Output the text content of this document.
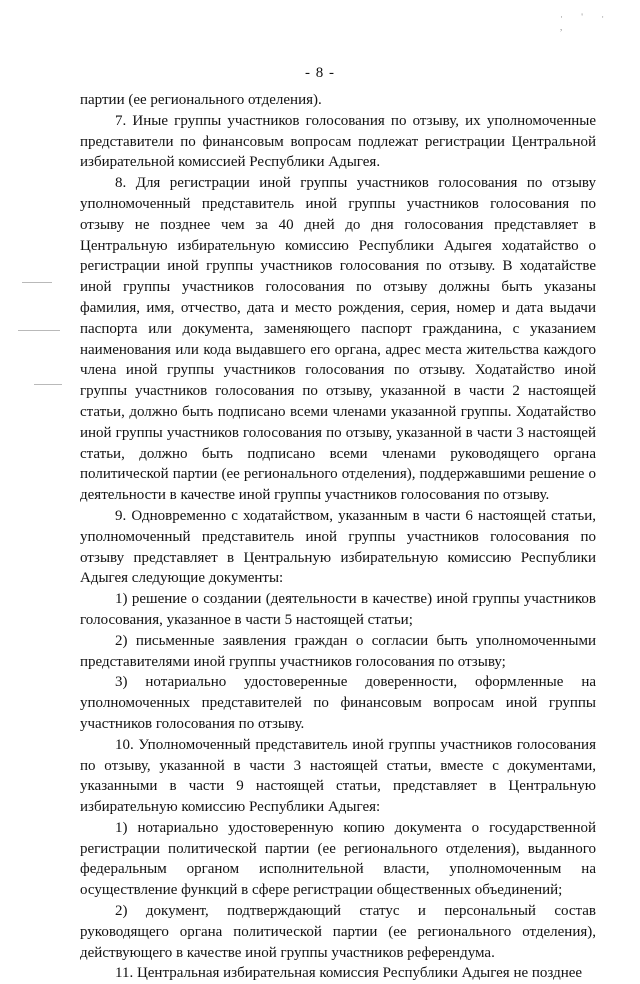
· ' · ,
- 8 -

партии (ее регионального отделения).

7. Иные группы участников голосования по отзыву, их уполномоченные представители по финансовым вопросам подлежат регистрации Центральной избирательной комиссией Республики Адыгея.

8. Для регистрации иной группы участников голосования по отзыву уполномоченный представитель иной группы участников голосования по отзыву не позднее чем за 40 дней до дня голосования представляет в Центральную избирательную комиссию Республики Адыгея ходатайство о регистрации иной группы участников голосования по отзыву. В ходатайстве иной группы участников голосования по отзыву должны быть указаны фамилия, имя, отчество, дата и место рождения, серия, номер и дата выдачи паспорта или документа, заменяющего паспорт гражданина, с указанием наименования или кода выдавшего его органа, адрес места жительства каждого члена иной группы участников голосования по отзыву. Ходатайство иной группы участников голосования по отзыву, указанной в части 2 настоящей статьи, должно быть подписано всеми членами указанной группы. Ходатайство иной группы участников голосования по отзыву, указанной в части 3 настоящей статьи, должно быть подписано всеми членами руководящего органа политической партии (ее регионального отделения), поддержавшими решение о деятельности в качестве иной группы участников голосования по отзыву.

9. Одновременно с ходатайством, указанным в части 6 настоящей статьи, уполномоченный представитель иной группы участников голосования по отзыву представляет в Центральную избирательную комиссию Республики Адыгея следующие документы:

1) решение о создании (деятельности в качестве) иной группы участников голосования, указанное в части 5 настоящей статьи;

2) письменные заявления граждан о согласии быть уполномоченными представителями иной группы участников голосования по отзыву;

3) нотариально удостоверенные доверенности, оформленные на уполномоченных представителей по финансовым вопросам иной группы участников голосования по отзыву.

10. Уполномоченный представитель иной группы участников голосования по отзыву, указанной в части 3 настоящей статьи, вместе с документами, указанными в части 9 настоящей статьи, представляет в Центральную избирательную комиссию Республики Адыгея:

1) нотариально удостоверенную копию документа о государственной регистрации политической партии (ее регионального отделения), выданного федеральным органом исполнительной власти, уполномоченным на осуществление функций в сфере регистрации общественных объединений;

2) документ, подтверждающий статус и персональный состав руководящего органа политической партии (ее регионального отделения), действующего в качестве иной группы участников референдума.

11. Центральная избирательная комиссия Республики Адыгея не позднее
